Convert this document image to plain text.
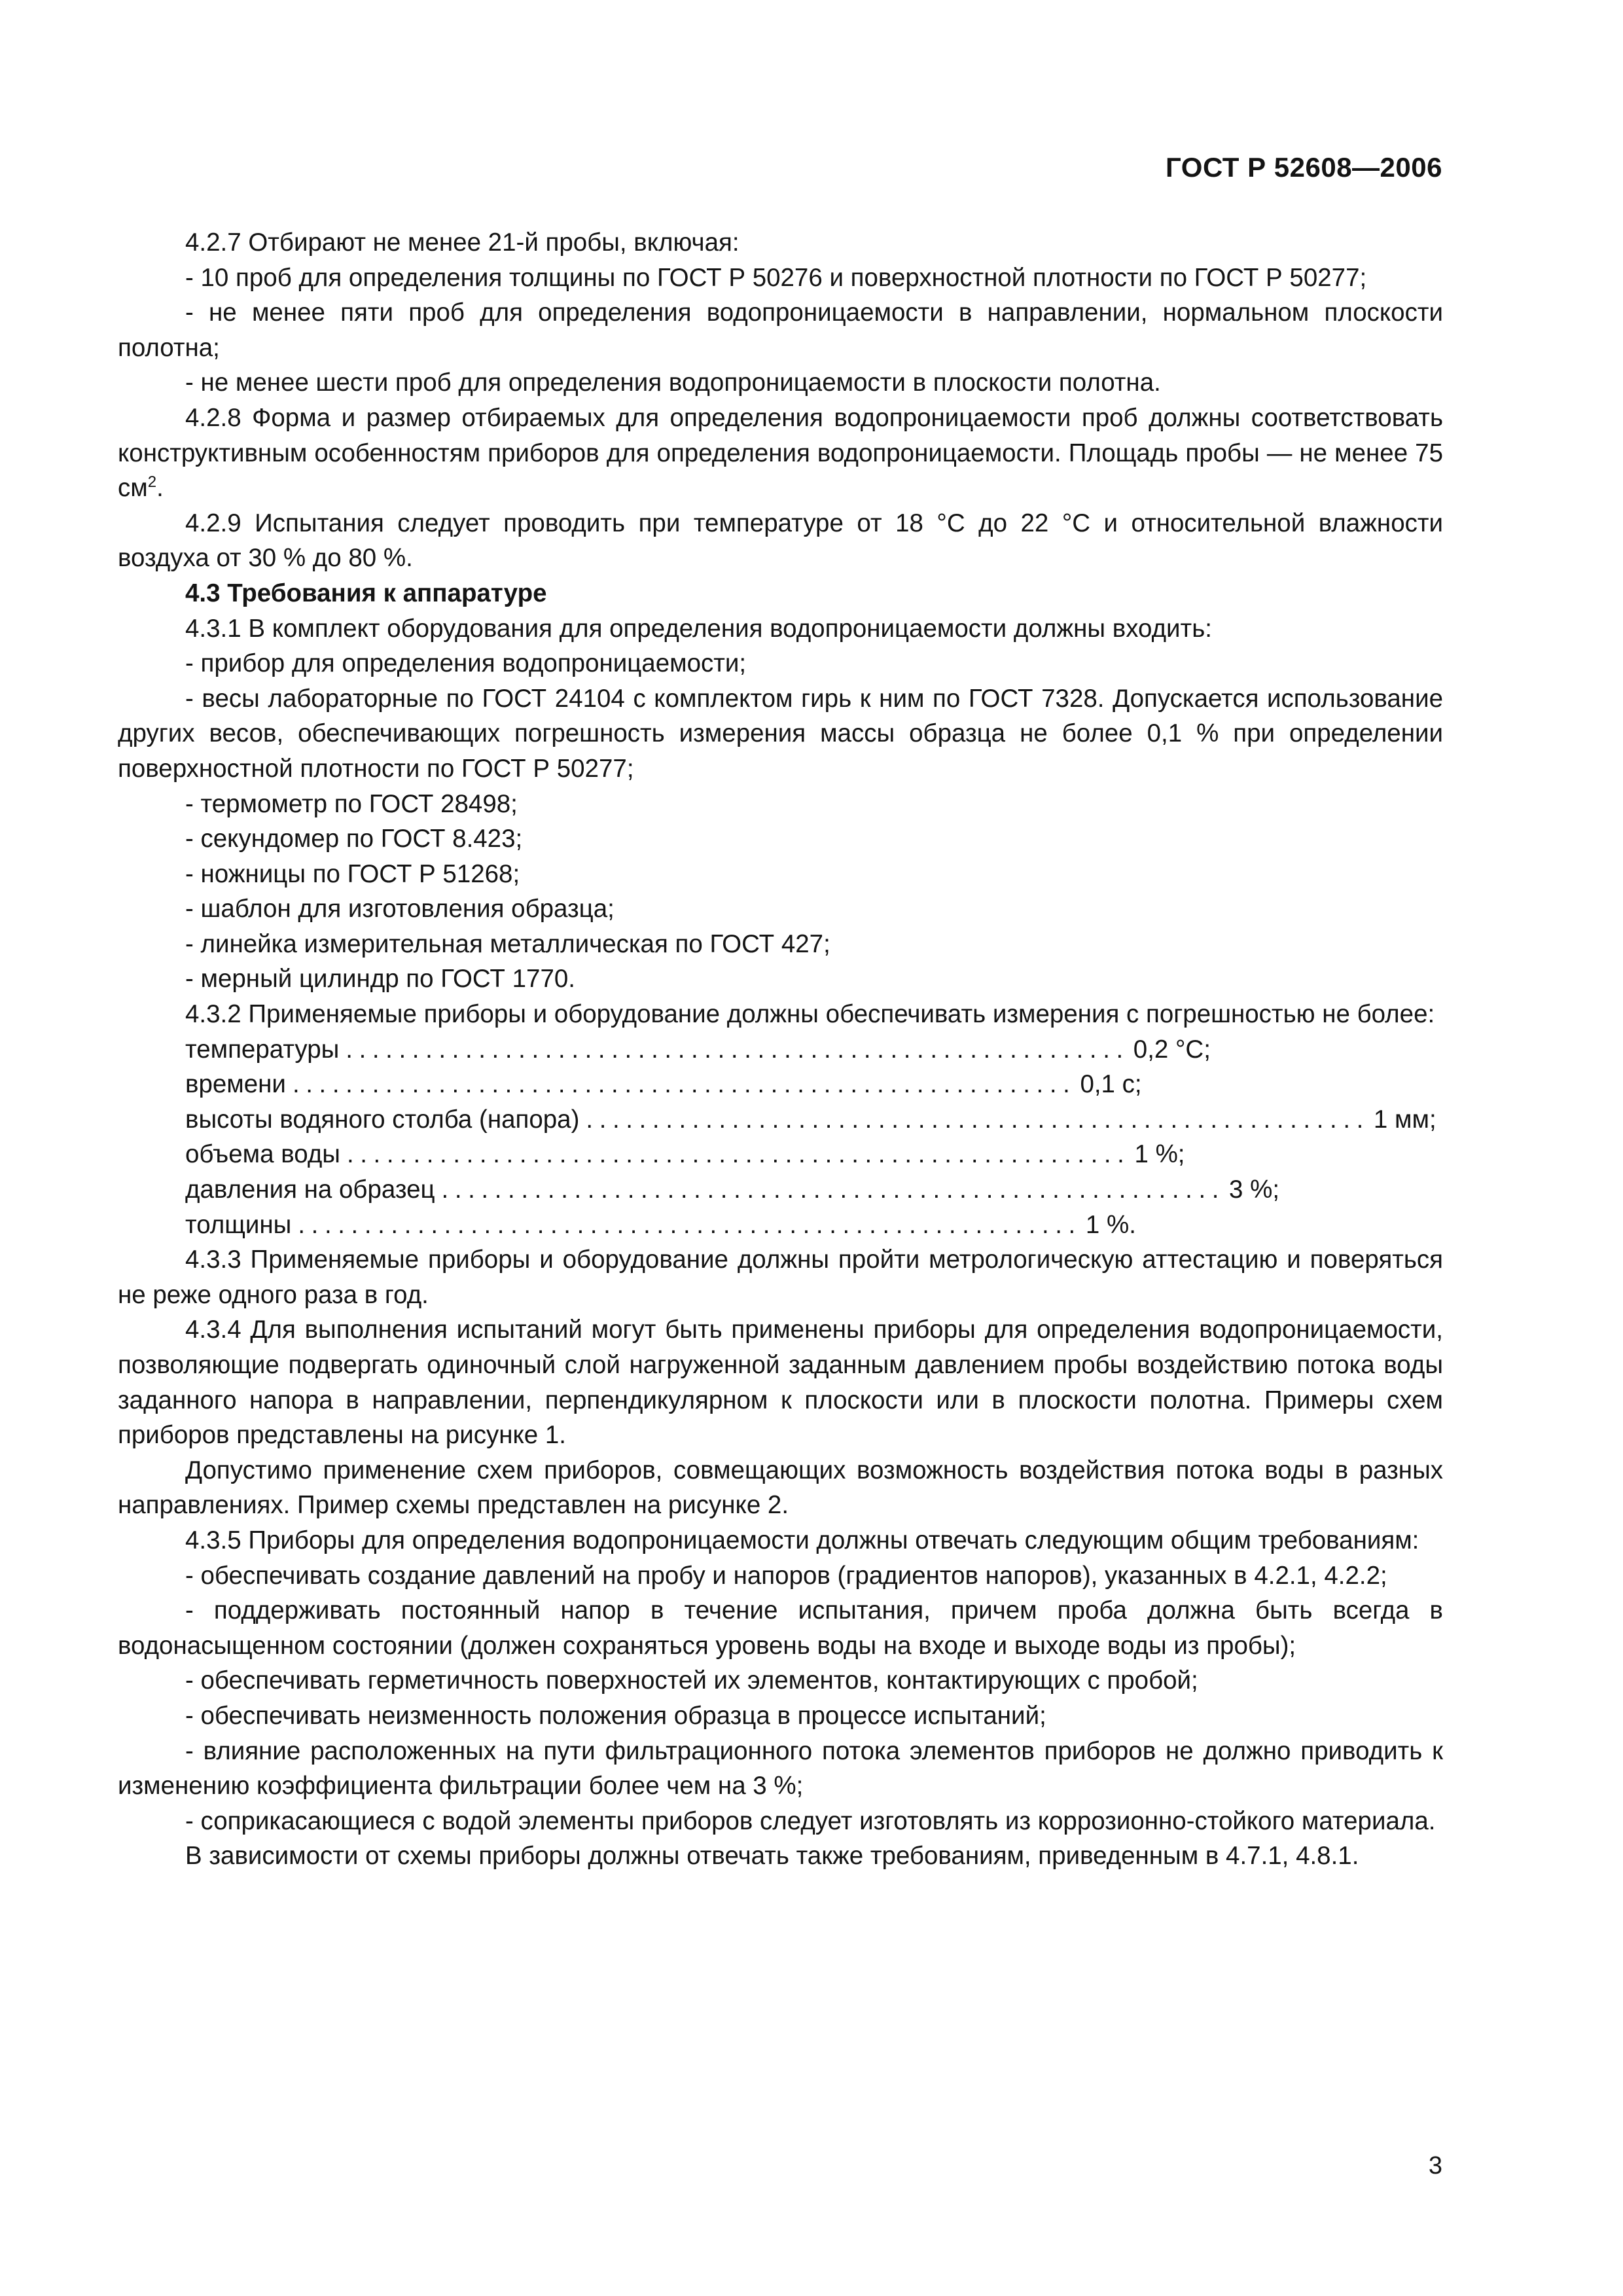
ГОСТ Р 52608—2006

4.2.7 Отбирают не менее 21-й пробы, включая:

- 10 проб для определения толщины по ГОСТ Р 50276 и поверхностной плотности по ГОСТ Р 50277;

- не менее пяти проб для определения водопроницаемости в направлении, нормальном плоскости полотна;

- не менее шести проб для определения водопроницаемости в плоскости полотна.

4.2.8 Форма и размер отбираемых для определения водопроницаемости проб должны соответствовать конструктивным особенностям приборов для определения водопроницаемости. Площадь пробы — не менее 75 $см^2$.

4.2.9 Испытания следует проводить при температуре от 18 °С до 22 °С и относительной влажности воздуха от 30 % до 80 %.

4.3 Требования к аппаратуре

4.3.1 В комплект оборудования для определения водопроницаемости должны входить:

- прибор для определения водопроницаемости;

- весы лабораторные по ГОСТ 24104 с комплектом гирь к ним по ГОСТ 7328. Допускается использование других весов, обеспечивающих погрешность измерения массы образца не более 0,1 % при определении поверхностной плотности по ГОСТ Р 50277;

- термометр по ГОСТ 28498;

- секундомер по ГОСТ 8.423;

- ножницы по ГОСТ Р 51268;

- шаблон для изготовления образца;

- линейка измерительная металлическая по ГОСТ 427;

- мерный цилиндр по ГОСТ 1770.

4.3.2 Применяемые приборы и оборудование должны обеспечивать измерения с погрешностью не более:

температуры ........................................................... 0,2 °С;
времени ........................................................... 0,1 с;
высоты водяного столба (напора) ........................................................... 1 мм;
объема воды ........................................................... 1 %;
давления на образец ........................................................... 3 %;
толщины ........................................................... 1 %.

4.3.3 Применяемые приборы и оборудование должны пройти метрологическую аттестацию и поверяться не реже одного раза в год.

4.3.4 Для выполнения испытаний могут быть применены приборы для определения водопроницаемости, позволяющие подвергать одиночный слой нагруженной заданным давлением пробы воздействию потока воды заданного напора в направлении, перпендикулярном к плоскости или в плоскости полотна. Примеры схем приборов представлены на рисунке 1.

Допустимо применение схем приборов, совмещающих возможность воздействия потока воды в разных направлениях. Пример схемы представлен на рисунке 2.

4.3.5 Приборы для определения водопроницаемости должны отвечать следующим общим требованиям:

- обеспечивать создание давлений на пробу и напоров (градиентов напоров), указанных в 4.2.1, 4.2.2;

- поддерживать постоянный напор в течение испытания, причем проба должна быть всегда в водонасыщенном состоянии (должен сохраняться уровень воды на входе и выходе воды из пробы);

- обеспечивать герметичность поверхностей их элементов, контактирующих с пробой;

- обеспечивать неизменность положения образца в процессе испытаний;

- влияние расположенных на пути фильтрационного потока элементов приборов не должно приводить к изменению коэффициента фильтрации более чем на 3 %;

- соприкасающиеся с водой элементы приборов следует изготовлять из коррозионно-стойкого материала.

В зависимости от схемы приборы должны отвечать также требованиям, приведенным в 4.7.1, 4.8.1.

3
